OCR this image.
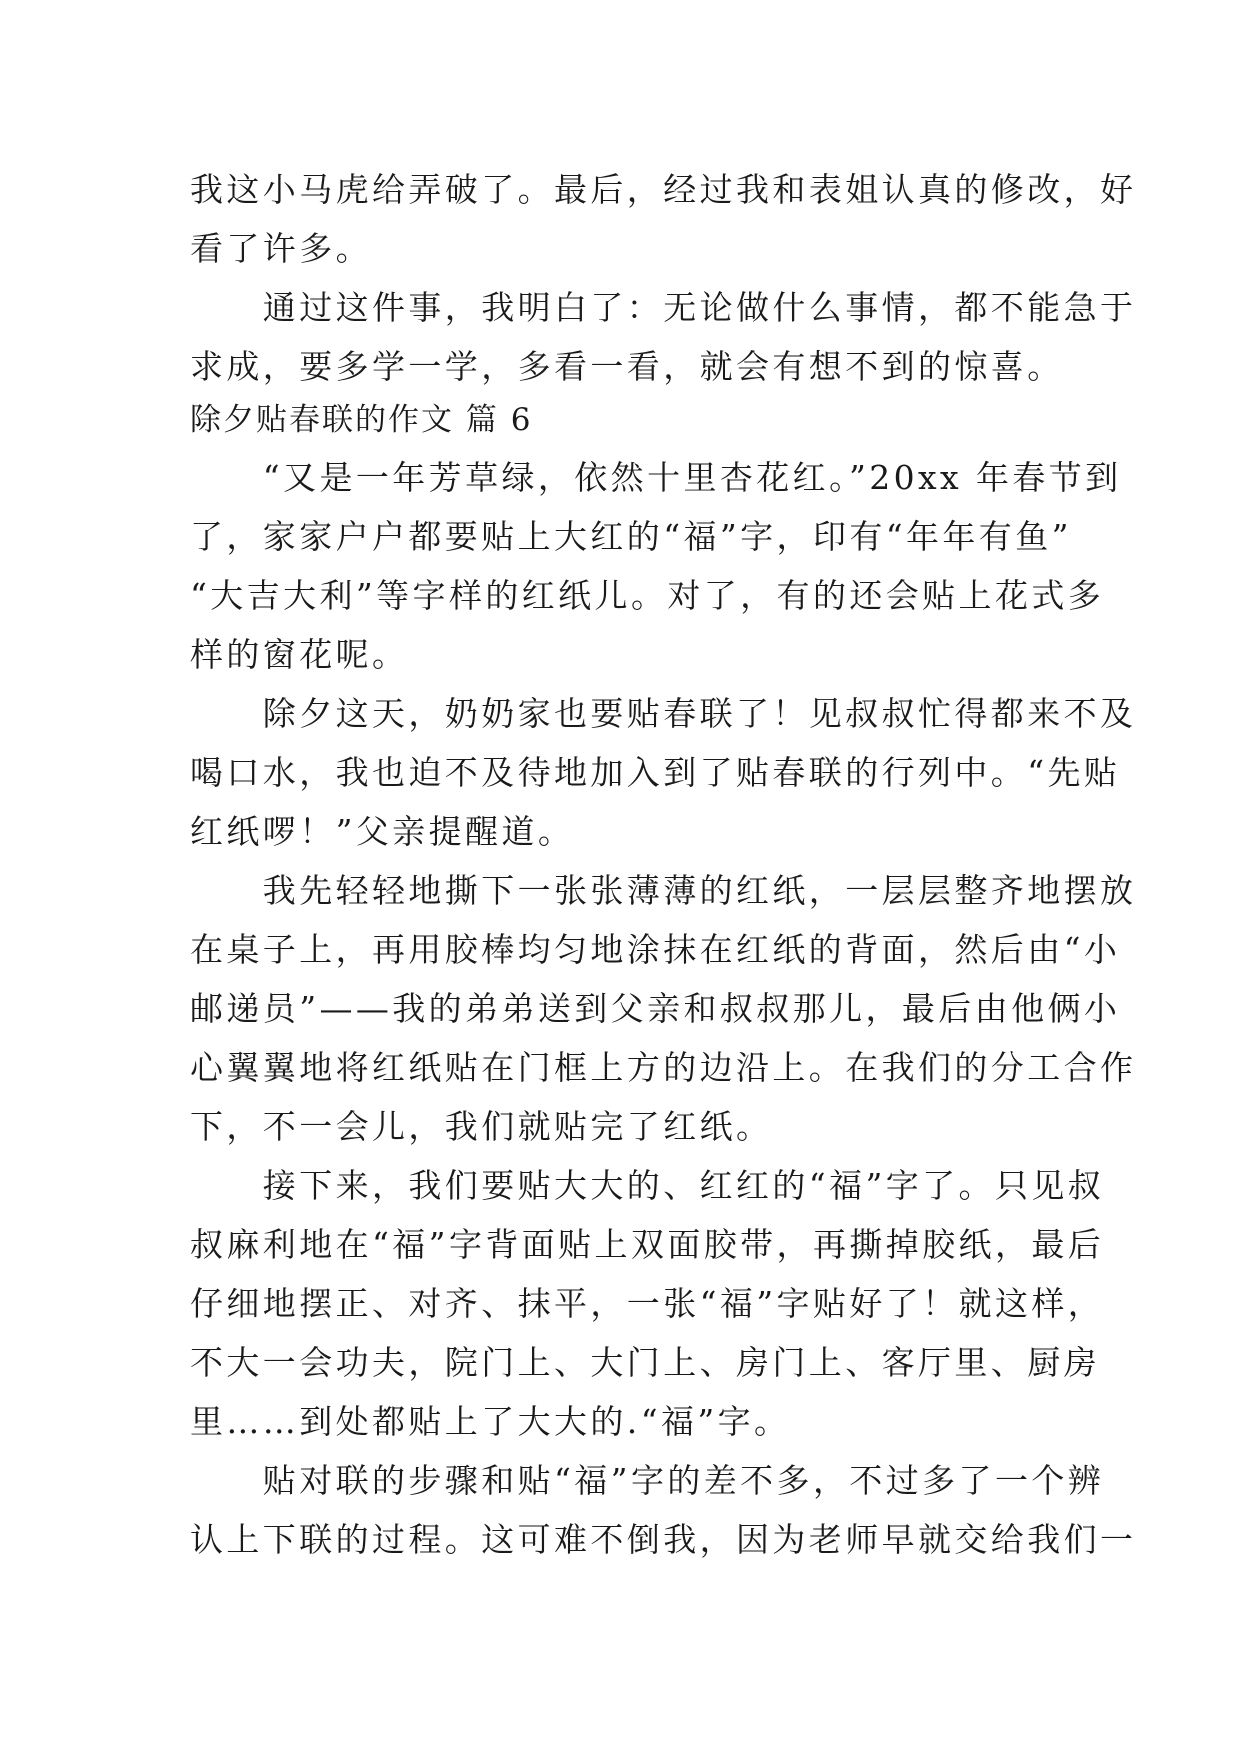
我这小马虎给弄破了。最后，经过我和表姐认真的修改，好
看了许多。
　　通过这件事，我明白了：无论做什么事情，都不能急于
求成，要多学一学，多看一看，就会有想不到的惊喜。
除夕贴春联的作文 篇 6
　　“又是一年芳草绿，依然十里杏花红。”20xx 年春节到
了，家家户户都要贴上大红的“福”字，印有“年年有鱼”
“大吉大利”等字样的红纸儿。对了，有的还会贴上花式多
样的窗花呢。
　　除夕这天，奶奶家也要贴春联了！见叔叔忙得都来不及
喝口水，我也迫不及待地加入到了贴春联的行列中。“先贴
红纸啰！”父亲提醒道。
　　我先轻轻地撕下一张张薄薄的红纸，一层层整齐地摆放
在桌子上，再用胶棒均匀地涂抹在红纸的背面，然后由“小
邮递员”——我的弟弟送到父亲和叔叔那儿，最后由他俩小
心翼翼地将红纸贴在门框上方的边沿上。在我们的分工合作
下，不一会儿，我们就贴完了红纸。
　　接下来，我们要贴大大的、红红的“福”字了。只见叔
叔麻利地在“福”字背面贴上双面胶带，再撕掉胶纸，最后
仔细地摆正、对齐、抹平，一张“福”字贴好了！就这样，
不大一会功夫，院门上、大门上、房门上、客厅里、厨房
里……到处都贴上了大大的.“福”字。
　　贴对联的步骤和贴“福”字的差不多，不过多了一个辨
认上下联的过程。这可难不倒我，因为老师早就交给我们一
